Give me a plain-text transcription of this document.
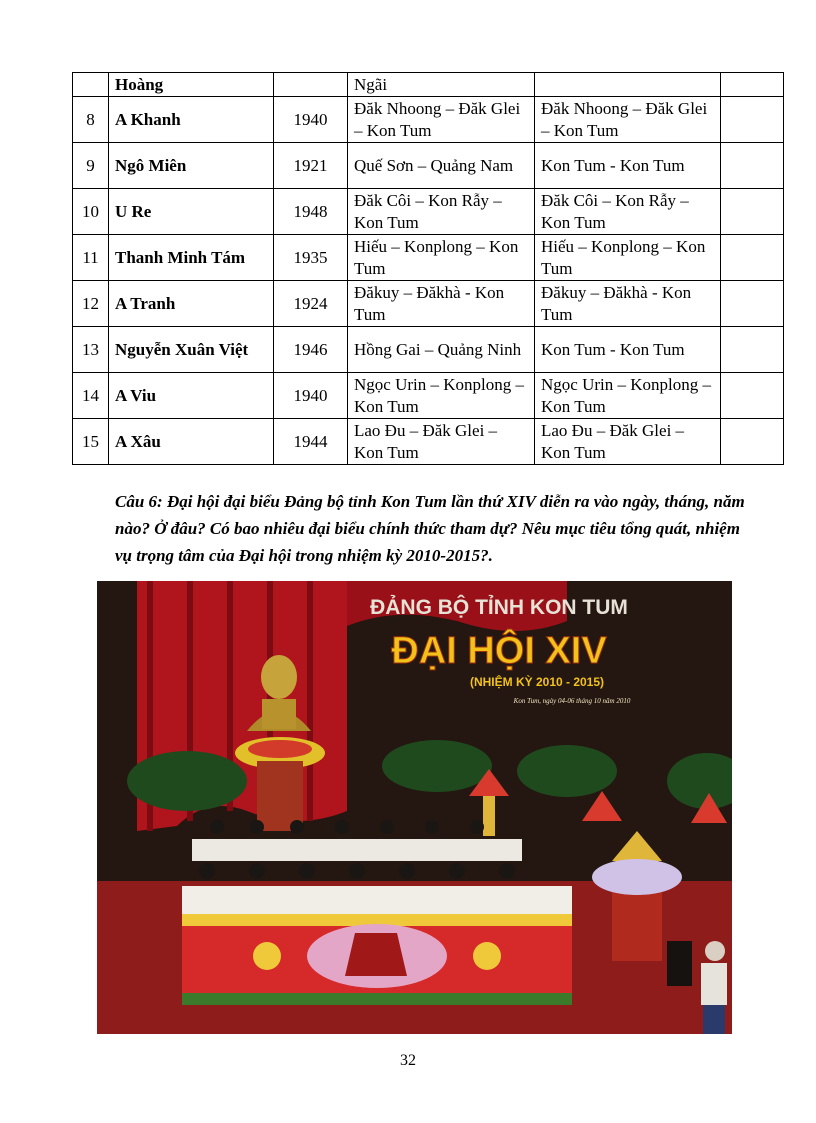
	Hoàng		Ngãi		
8	A Khanh	1940	Đăk Nhoong – Đăk Glei – Kon Tum	Đăk Nhoong – Đăk Glei – Kon Tum	
9	Ngô Miên	1921	Quế Sơn – Quảng Nam	Kon Tum - Kon Tum	
10	U Re	1948	Đăk Côi – Kon Rẫy – Kon Tum	Đăk Côi – Kon Rẫy – Kon Tum	
11	Thanh Minh Tám	1935	Hiếu – Konplong – Kon Tum	Hiếu – Konplong – Kon Tum	
12	A Tranh	1924	Đăkuy – Đăkhà - Kon Tum	Đăkuy – Đăkhà - Kon Tum	
13	Nguyễn Xuân Việt	1946	Hồng Gai – Quảng Ninh	Kon Tum - Kon Tum	
14	A Viu	1940	Ngọc Urin – Konplong – Kon Tum	Ngọc Urin – Konplong – Kon Tum	
15	A Xâu	1944	Lao Đu – Đăk Glei – Kon Tum	Lao Đu – Đăk Glei – Kon Tum	
Câu 6: Đại hội đại biểu Đảng bộ tỉnh Kon Tum lần thứ XIV diễn ra vào ngày, tháng, năm nào? Ở đâu? Có bao nhiêu đại biểu chính thức tham dự? Nêu mục tiêu tổng quát, nhiệm vụ trọng tâm của Đại hội trong nhiệm kỳ 2010-2015?.
ĐẢNG BỘ TỈNH KON TUM
ĐẠI HỘI XIV
(NHIỆM KỲ 2010 - 2015)
Kon Tum, ngày 04-06 tháng 10 năm 2010
32
